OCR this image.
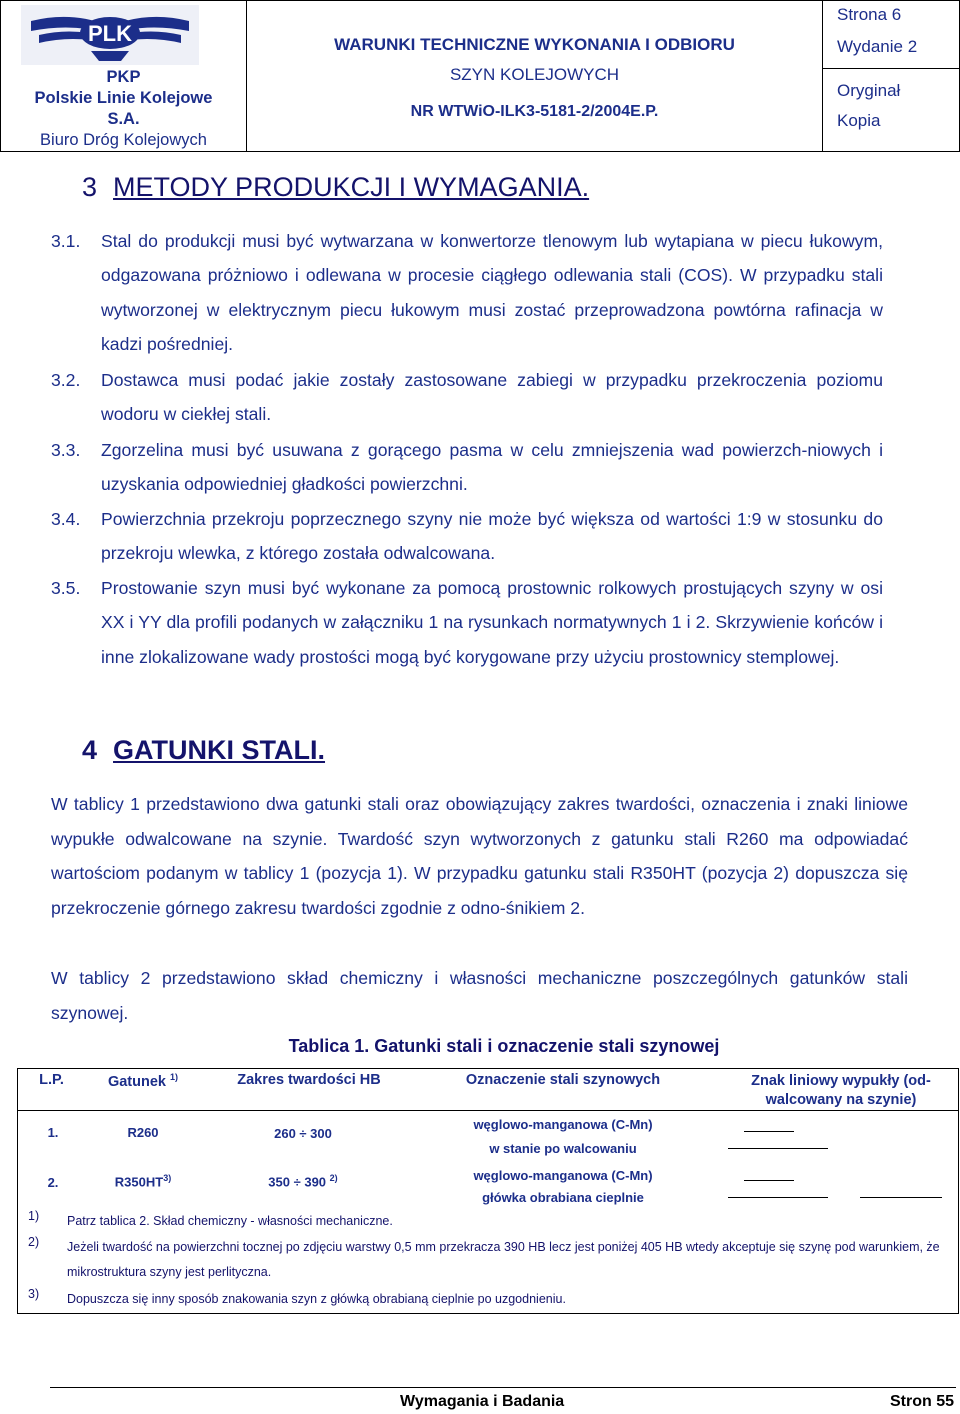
PLK
PKP
Polskie Linie Kolejowe
S.A.
Biuro Dróg Kolejowych
WARUNKI TECHNICZNE WYKONANIA I ODBIORU
SZYN KOLEJOWYCH
NR WTWiO-ILK3-5181-2/2004E.P.
Strona 6
Wydanie 2
Oryginał
Kopia
3 METODY PRODUKCJI I WYMAGANIA.
3.1. Stal do produkcji musi być wytwarzana w konwertorze tlenowym lub wytapiana w piecu łukowym, odgazowana próżniowo i odlewana w procesie ciągłego odlewania stali (COS). W przypadku stali wytworzonej w elektrycznym piecu łukowym musi zostać przeprowadzona powtórna rafinacja w kadzi pośredniej.
3.2. Dostawca musi podać jakie zostały zastosowane zabiegi w przypadku przekroczenia poziomu wodoru w ciekłej stali.
3.3. Zgorzelina musi być usuwana z gorącego pasma w celu zmniejszenia wad powierzch-niowych i uzyskania odpowiedniej gładkości powierzchni.
3.4. Powierzchnia przekroju poprzecznego szyny nie może być większa od wartości 1:9 w stosunku do przekroju wlewka, z którego została odwalcowana.
3.5. Prostowanie szyn musi być wykonane za pomocą prostownic rolkowych prostujących szyny w osi XX i YY dla profili podanych w załączniku 1 na rysunkach normatywnych 1 i 2. Skrzywienie końców i inne zlokalizowane wady prostości mogą być korygowane przy użyciu prostownicy stemplowej.
4 GATUNKI STALI.
W tablicy 1 przedstawiono dwa gatunki stali oraz obowiązujący zakres twardości, oznaczenia i znaki liniowe wypukłe odwalcowane na szynie. Twardość szyn wytworzonych z gatunku stali R260 ma odpowiadać wartościom podanym w tablicy 1 (pozycja 1). W przypadku gatunku stali R350HT (pozycja 2) dopuszcza się przekroczenie górnego zakresu twardości zgodnie z odno-śnikiem 2.
W tablicy 2 przedstawiono skład chemiczny i własności mechaniczne poszczególnych gatunków stali szynowej.
Tablica 1. Gatunki stali i oznaczenie stali szynowej
L.P.	Gatunek $^{1)}$	Zakres twardości HB	Oznaczenie stali szynowych	Znak liniowy wypukły (od-walcowany na szynie)
1.	R260	260 ÷ 300
węglowo-manganowa (C-Mn)
w stanie po walcowaniu
2.	R350HT$^{3)}$	350 ÷ 390 $^{2)}$	węglowo-manganowa (C-Mn)
główka obrabiana cieplnie
1) Patrz tablica 2. Skład chemiczny - własności mechaniczne.
2) Jeżeli twardość na powierzchni tocznej po zdjęciu warstwy 0,5 mm przekracza 390 HB lecz jest poniżej 405 HB wtedy akceptuje się szynę pod warunkiem, że mikrostruktura szyny jest perlityczna.
3) Dopuszcza się inny sposób znakowania szyn z główką obrabianą cieplnie po uzgodnieniu.
Wymagania i Badania	Stron 55
